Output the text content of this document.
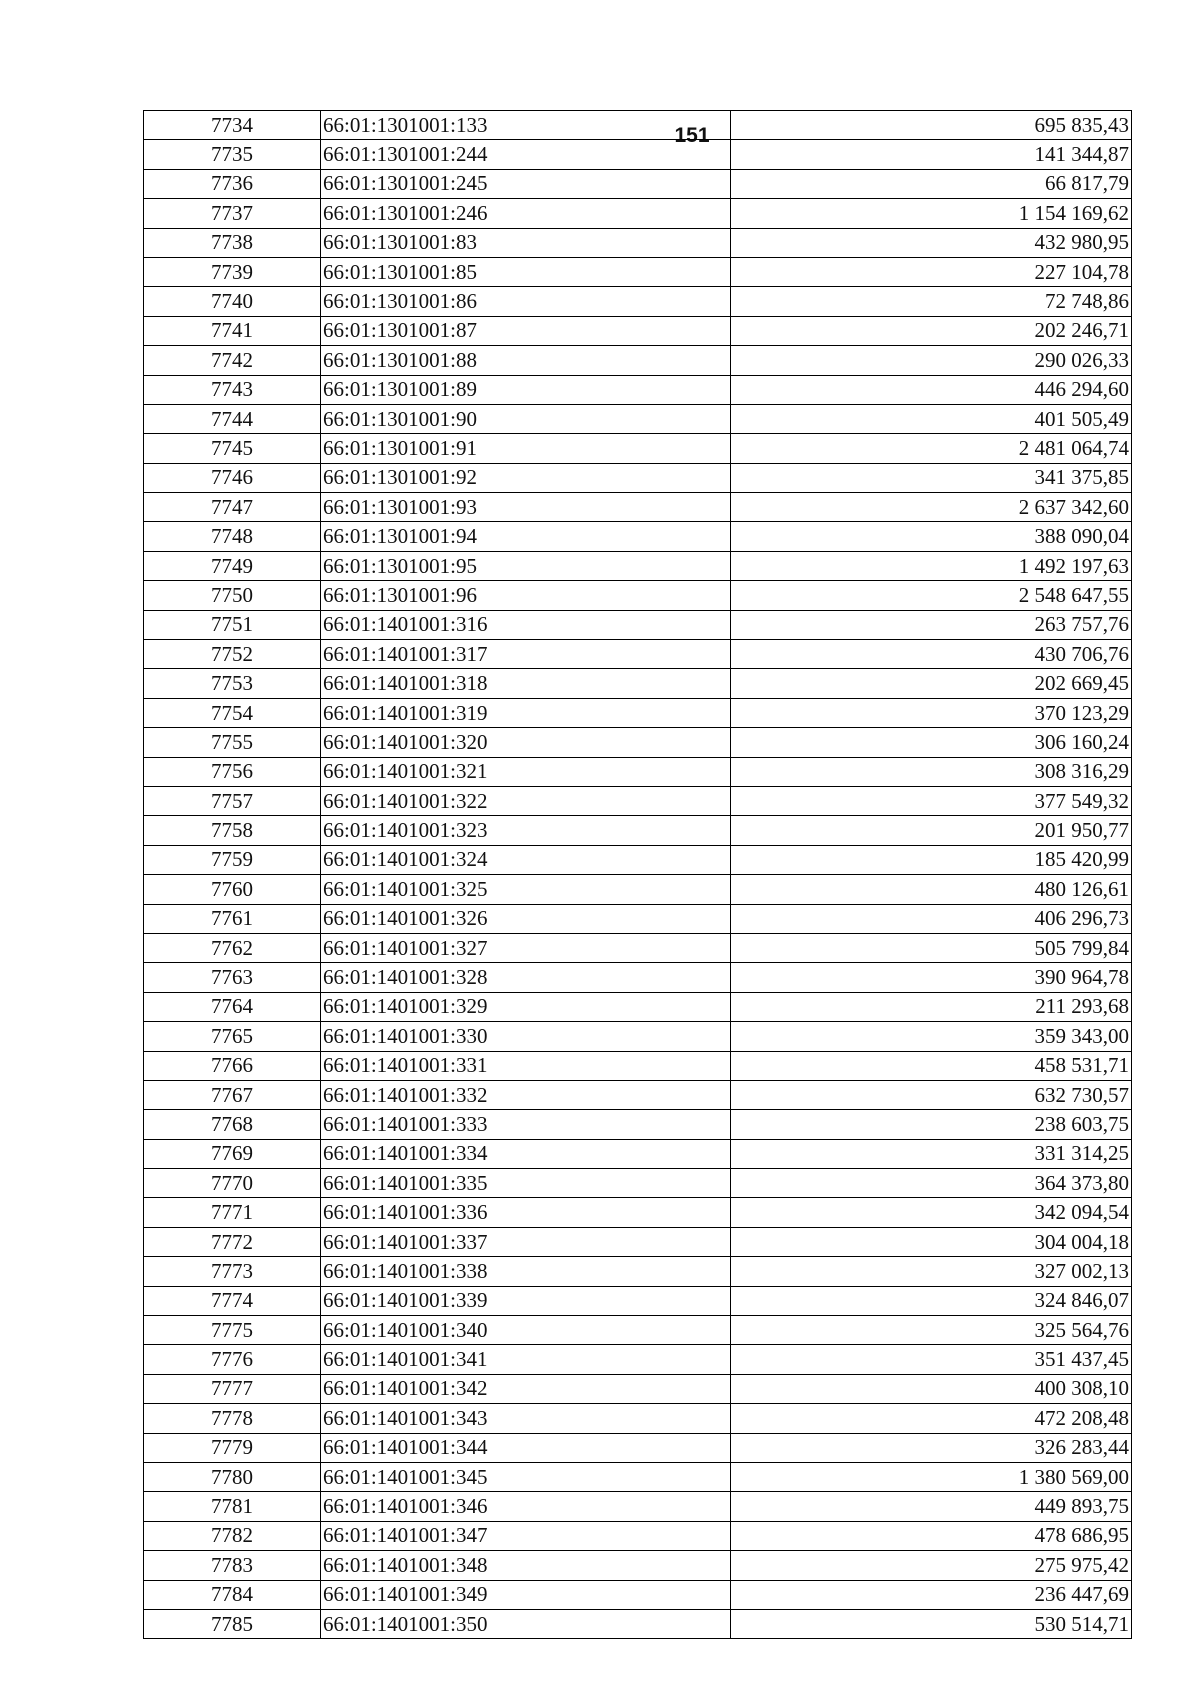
151
7734	66:01:1301001:133	695 835,43
7735	66:01:1301001:244	141 344,87
7736	66:01:1301001:245	66 817,79
7737	66:01:1301001:246	1 154 169,62
7738	66:01:1301001:83	432 980,95
7739	66:01:1301001:85	227 104,78
7740	66:01:1301001:86	72 748,86
7741	66:01:1301001:87	202 246,71
7742	66:01:1301001:88	290 026,33
7743	66:01:1301001:89	446 294,60
7744	66:01:1301001:90	401 505,49
7745	66:01:1301001:91	2 481 064,74
7746	66:01:1301001:92	341 375,85
7747	66:01:1301001:93	2 637 342,60
7748	66:01:1301001:94	388 090,04
7749	66:01:1301001:95	1 492 197,63
7750	66:01:1301001:96	2 548 647,55
7751	66:01:1401001:316	263 757,76
7752	66:01:1401001:317	430 706,76
7753	66:01:1401001:318	202 669,45
7754	66:01:1401001:319	370 123,29
7755	66:01:1401001:320	306 160,24
7756	66:01:1401001:321	308 316,29
7757	66:01:1401001:322	377 549,32
7758	66:01:1401001:323	201 950,77
7759	66:01:1401001:324	185 420,99
7760	66:01:1401001:325	480 126,61
7761	66:01:1401001:326	406 296,73
7762	66:01:1401001:327	505 799,84
7763	66:01:1401001:328	390 964,78
7764	66:01:1401001:329	211 293,68
7765	66:01:1401001:330	359 343,00
7766	66:01:1401001:331	458 531,71
7767	66:01:1401001:332	632 730,57
7768	66:01:1401001:333	238 603,75
7769	66:01:1401001:334	331 314,25
7770	66:01:1401001:335	364 373,80
7771	66:01:1401001:336	342 094,54
7772	66:01:1401001:337	304 004,18
7773	66:01:1401001:338	327 002,13
7774	66:01:1401001:339	324 846,07
7775	66:01:1401001:340	325 564,76
7776	66:01:1401001:341	351 437,45
7777	66:01:1401001:342	400 308,10
7778	66:01:1401001:343	472 208,48
7779	66:01:1401001:344	326 283,44
7780	66:01:1401001:345	1 380 569,00
7781	66:01:1401001:346	449 893,75
7782	66:01:1401001:347	478 686,95
7783	66:01:1401001:348	275 975,42
7784	66:01:1401001:349	236 447,69
7785	66:01:1401001:350	530 514,71
